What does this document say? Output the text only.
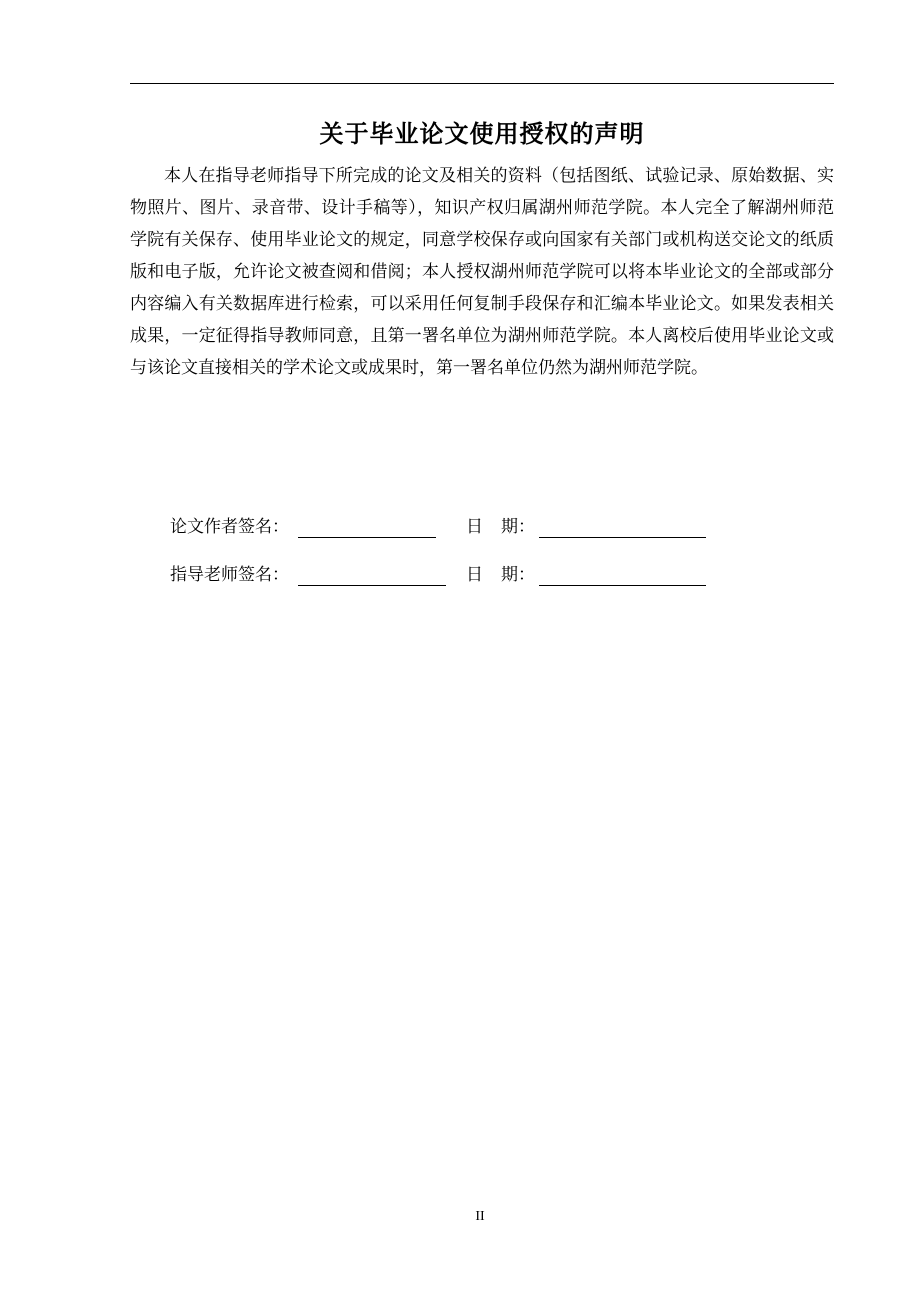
关于毕业论文使用授权的声明

本人在指导老师指导下所完成的论文及相关的资料（包括图纸、试验记录、原始数据、实物照片、图片、录音带、设计手稿等），知识产权归属湖州师范学院。本人完全了解湖州师范学院有关保存、使用毕业论文的规定，同意学校保存或向国家有关部门或机构送交论文的纸质版和电子版，允许论文被查阅和借阅；本人授权湖州师范学院可以将本毕业论文的全部或部分内容编入有关数据库进行检索，可以采用任何复制手段保存和汇编本毕业论文。如果发表相关成果，一定征得指导教师同意，且第一署名单位为湖州师范学院。本人离校后使用毕业论文或与该论文直接相关的学术论文或成果时，第一署名单位仍然为湖州师范学院。

论文作者签名：	日 期：
指导老师签名：	日 期：
II
